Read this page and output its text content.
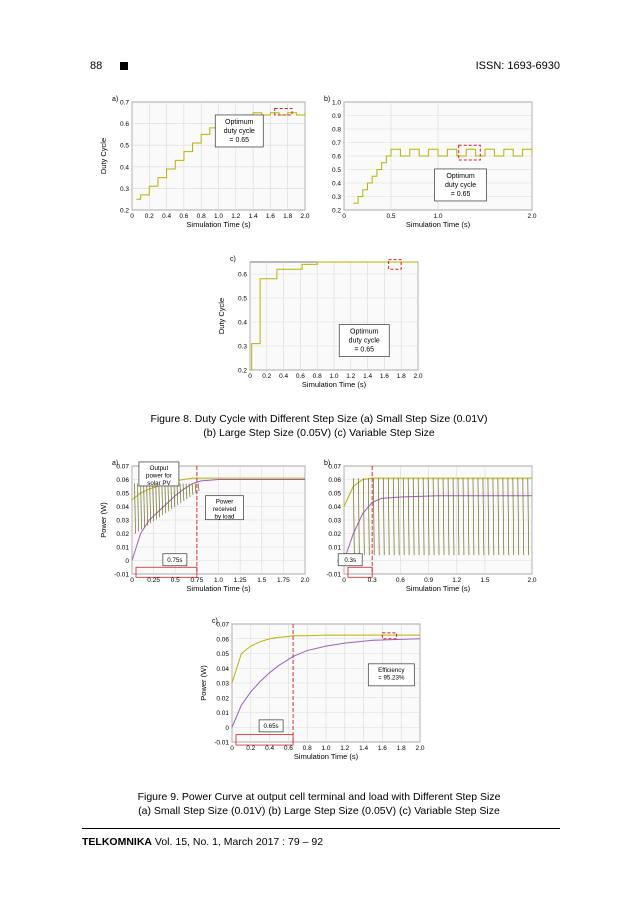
88	ISSN: 1693-6930
0.2
0.3
0.4
0.5
0.6
0.7
0 0.2 0.4 0.6 0.8 1.0 1.2 1.4 1.6 1.8 2.0
a)
Simulation Time (s)
Duty Cycle
Optimum
duty cycle
= 0.65
0.2
0.3
0.4
0.5
0.6
0.7
0.8
0.9
1.0
0	0.5	1.0	2.0
b)
Simulation Time (s)
Optimum
duty cycle
= 0.65
0.2
0.3
0.4
0.5
0.6
0 0.2 0.4 0.6 0.8 1.0 1.2 1.4 1.6 1.8 2.0
c)
Simulation Time (s)
Duty Cycle	Optimum
duty cycle
= 0.65
Figure 8. Duty Cycle with Different Step Size (a) Small Step Size (0.01V)
(b) Large Step Size (0.05V) (c) Variable Step Size
-0.01
0
0.01
0.02
0.03
0.04
0.05
0.06
0.07
0 0.25 0.5 0.75 1.0 1.25 1.5 1.75 2.0
a)
Simulation Time (s)
Power (W)
Output
power for
solar PV
Power
received
by load
0.75s
-0.01
0.01
0.02
0.03
0.04
0.05
0.06
0.07
0	0.3	0.6	0.9	1.2	1.5	2.0
b)
Simulation Time (s)
0.3s
-0.01
0
0.01
0.02
0.03
0.04
0.05
0.06
0.07
0 0.2 0.4 0.6 0.8 1.0 1.2 1.4 1.6 1.8 2.0
c)
Simulation Time (s)
Power (W)	Efficiency
= 95.23%
0.65s
Figure 9. Power Curve at output cell terminal and load with Different Step Size
(a) Small Step Size (0.01V) (b) Large Step Size (0.05V) (c) Variable Step Size
TELKOMNIKA Vol. 15, No. 1, March 2017 : 79 – 92
